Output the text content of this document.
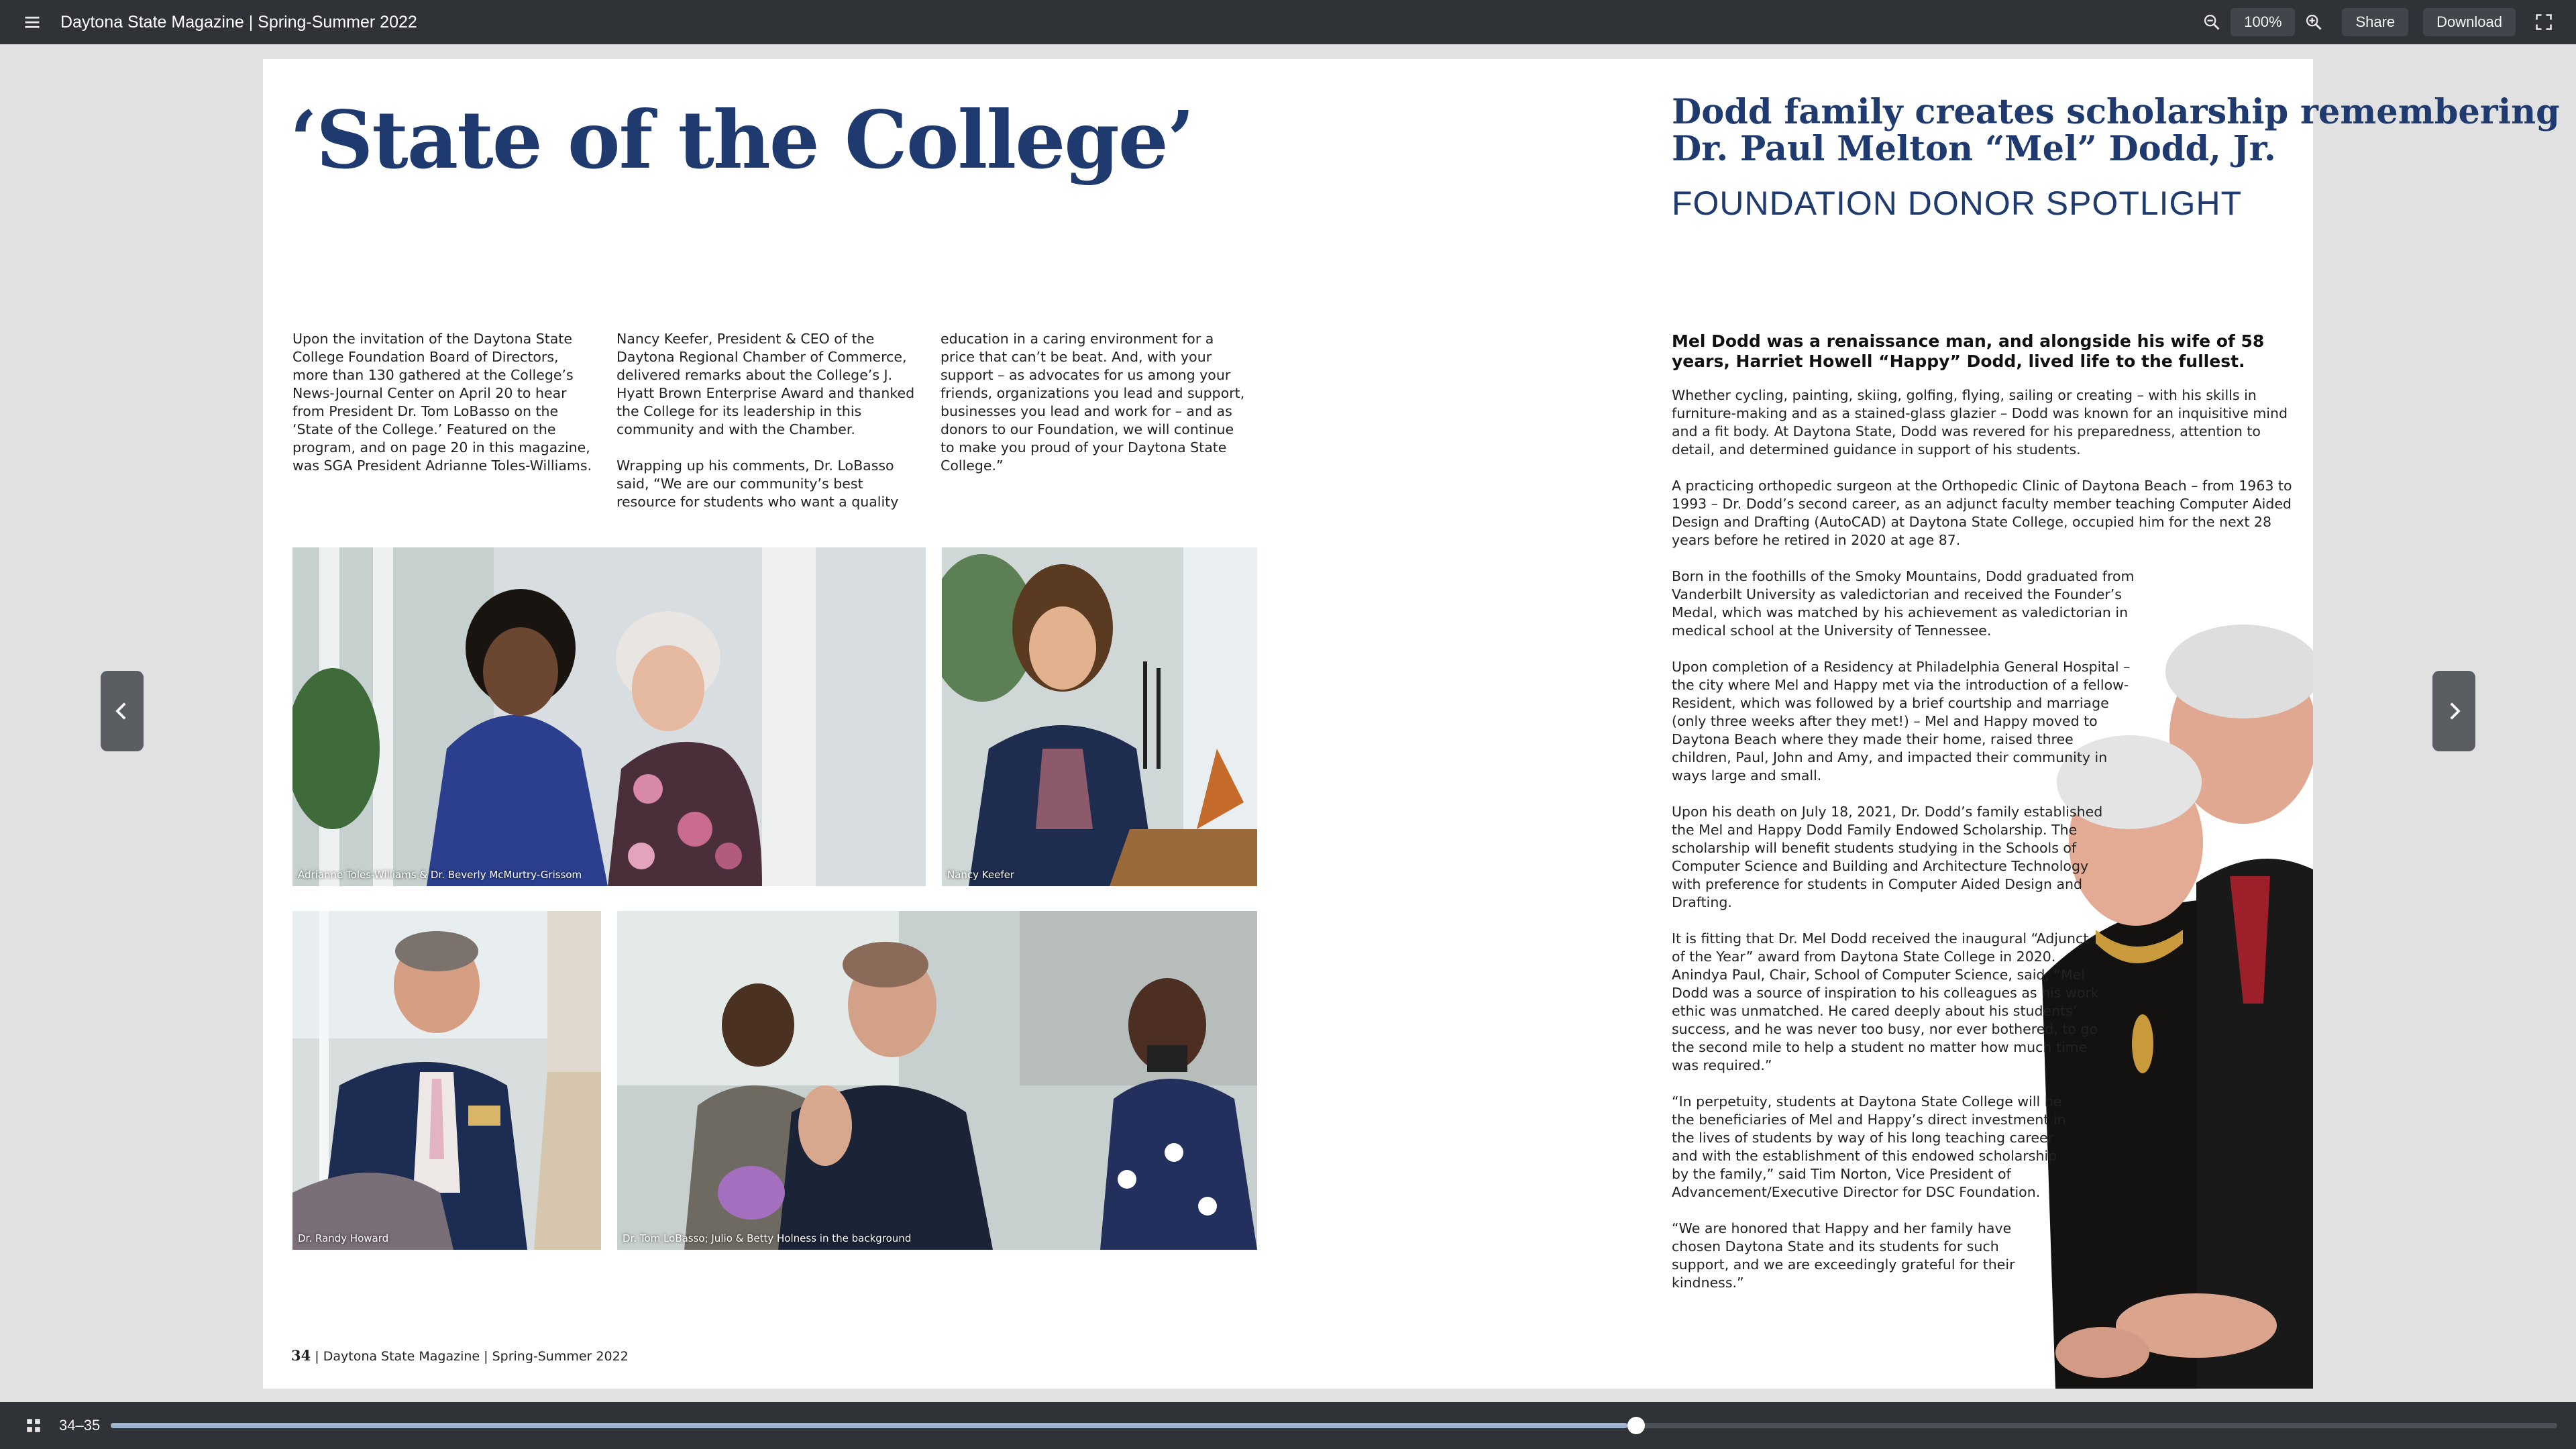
Daytona State Magazine | Spring-Summer 2022	100%	Share	Download
‘State of the College’

Upon the invitation of the Daytona State College Foundation Board of Directors, more than 130 gathered at the College’s News-Journal Center on April 20 to hear from President Dr. Tom LoBasso on the ‘State of the College.’ Featured on the program, and on page 20 in this magazine, was SGA President Adrianne Toles-Williams.

Nancy Keefer, President & CEO of the Daytona Regional Chamber of Commerce, delivered remarks about the College’s J. Hyatt Brown Enterprise Award and thanked the College for its leadership in this community and with the Chamber.

Wrapping up his comments, Dr. LoBasso said, “We are our community’s best resource for students who want a quality

education in a caring environment for a price that can’t be beat. And, with your support – as advocates for us among your friends, organizations you lead and support, businesses you lead and work for – and as donors to our Foundation, we will continue to make you proud of your Daytona State College.”

Adrianne Toles-Williams & Dr. Beverly McMurtry-Grissom	Nancy Keefer
Dr. Randy Howard	Dr. Tom LoBasso; Julio & Betty Holness in the background
34 | Daytona State Magazine | Spring-Summer 2022
Dodd family creates scholarship remembering
Dr. Paul Melton “Mel” Dodd, Jr.
FOUNDATION DONOR SPOTLIGHT
Mel Dodd was a renaissance man, and alongside his wife of 58 years, Harriet Howell “Happy” Dodd, lived life to the fullest.

Whether cycling, painting, skiing, golfing, flying, sailing or creating – with his skills in furniture-making and as a stained-glass glazier – Dodd was known for an inquisitive mind and a fit body. At Daytona State, Dodd was revered for his preparedness, attention to detail, and determined guidance in support of his students.

A practicing orthopedic surgeon at the Orthopedic Clinic of Daytona Beach – from 1963 to 1993 – Dr. Dodd’s second career, as an adjunct faculty member teaching Computer Aided Design and Drafting (AutoCAD) at Daytona State College, occupied him for the next 28 years before he retired in 2020 at age 87.

Born in the foothills of the Smoky Mountains, Dodd graduated from Vanderbilt University as valedictorian and received the Founder’s Medal, which was matched by his achievement as valedictorian in medical school at the University of Tennessee.

Upon completion of a Residency at Philadelphia General Hospital – the city where Mel and Happy met via the introduction of a fellow-Resident, which was followed by a brief courtship and marriage (only three weeks after they met!) – Mel and Happy moved to Daytona Beach where they made their home, raised three children, Paul, John and Amy, and impacted their community in ways large and small.

Upon his death on July 18, 2021, Dr. Dodd’s family established the Mel and Happy Dodd Family Endowed Scholarship. The scholarship will benefit students studying in the Schools of Computer Science and Building and Architecture Technology with preference for students in Computer Aided Design and Drafting.

It is fitting that Dr. Mel Dodd received the inaugural “Adjunct of the Year” award from Daytona State College in 2020. Anindya Paul, Chair, School of Computer Science, said, “Mel Dodd was a source of inspiration to his colleagues as his work ethic was unmatched. He cared deeply about his students’ success, and he was never too busy, nor ever bothered, to go the second mile to help a student no matter how much time was required.”

“In perpetuity, students at Daytona State College will be the beneficiaries of Mel and Happy’s direct investment in the lives of students by way of his long teaching career and with the establishment of this endowed scholarship by the family,” said Tim Norton, Vice President of Advancement/Executive Director for DSC Foundation.

“We are honored that Happy and her family have chosen Daytona State and its students for such support, and we are exceedingly grateful for their kindness.”

34–35
